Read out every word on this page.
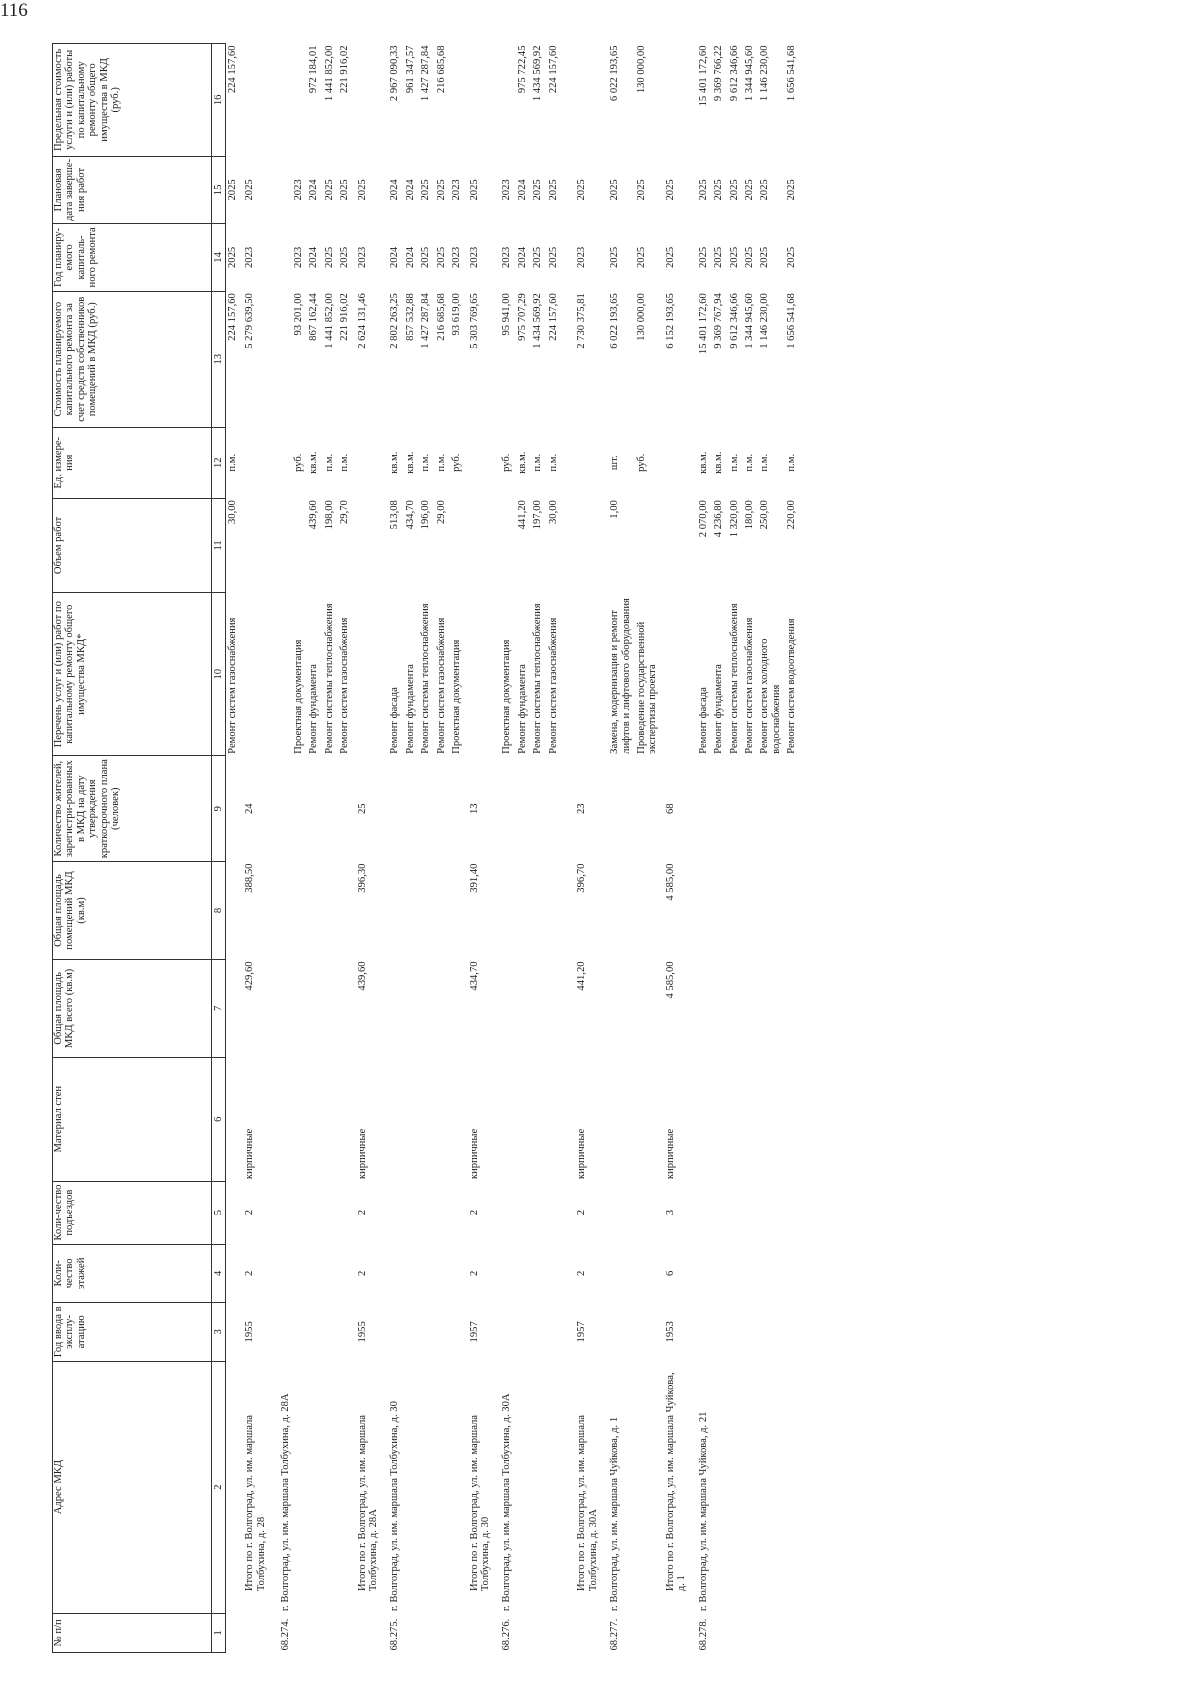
116
№ п/п	Адрес МКД	Год ввода в эксплу-атацию	Коли-чество этажей	Коли-чество подъездов	Материал стен	Общая площадь МКД всего (кв.м)	Общая площадь помещений МКД (кв.м)	Количество жителей, зарегистри-рованных в МКД на дату утверждения краткосрочного плана (человек)	Перечень услуг и (или) работ по капитальному ремонту общего имущества МКД*	Объем работ	Ед. измере-ния	Стоимость планируемого капитального ремонта за счет средств собственников помещений в МКД (руб.)	Год планиру-емого капиталь-ного ремонта	Плановая дата заверше-ния работ	Предельная стоимость услуги и (или) работы по капитальному ремонту общего имущества в МКД (руб.)
1	2	3	4	5	6	7	8	9	10	11	12	13	14	15	16
									Ремонт систем газоснабжения	30,00	п.м.	224 157,60	2025	2025	224 157,60
	Итого по г. Волгоград, ул. им. маршала Толбухина, д. 28	1955	2	2	кирпичные	429,60	388,50	24				5 279 639,50	2023	2025	
68.274.	г. Волгоград, ул. им. маршала Толбухина, д. 28А														
									Проектная документация		руб.	93 201,00	2023	2023	
									Ремонт фундамента	439,60	кв.м.	867 162,44	2024	2024	972 184,01
									Ремонт системы теплоснабжения	198,00	п.м.	1 441 852,00	2025	2025	1 441 852,00
									Ремонт систем газоснабжения	29,70	п.м.	221 916,02	2025	2025	221 916,02
	Итого по г. Волгоград, ул. им. маршала Толбухина, д. 28А	1955	2	2	кирпичные	439,60	396,30	25				2 624 131,46	2023	2025	
68.275.	г. Волгоград, ул. им. маршала Толбухина, д. 30								Ремонт фасада	513,08	кв.м.	2 802 263,25	2024	2024	2 967 090,33
									Ремонт фундамента	434,70	кв.м.	857 532,88	2024	2024	961 347,57
									Ремонт системы теплоснабжения	196,00	п.м.	1 427 287,84	2025	2025	1 427 287,84
									Ремонт систем газоснабжения	29,00	п.м.	216 685,68	2025	2025	216 685,68
									Проектная документация		руб.	93 619,00	2023	2023	
	Итого по г. Волгоград, ул. им. маршала Толбухина, д. 30	1957	2	2	кирпичные	434,70	391,40	13				5 303 769,65	2023	2025	
68.276.	г. Волгоград, ул. им. маршала Толбухина, д. 30А								Проектная документация		руб.	95 941,00	2023	2023	
									Ремонт фундамента	441,20	кв.м.	975 707,29	2024	2024	975 722,45
									Ремонт системы теплоснабжения	197,00	п.м.	1 434 569,92	2025	2025	1 434 569,92
									Ремонт систем газоснабжения	30,00	п.м.	224 157,60	2025	2025	224 157,60
	Итого по г. Волгоград, ул. им. маршала Толбухина, д. 30А	1957	2	2	кирпичные	441,20	396,70	23				2 730 375,81	2023	2025	
68.277.	г. Волгоград, ул. им. маршала Чуйкова, д. 1								Замена, модернизация и ремонт лифтов и лифтового оборудования	1,00	шт.	6 022 193,65	2025	2025	6 022 193,65
									Проведение государственной экспертизы проекта		руб.	130 000,00	2025	2025	130 000,00
	Итого по г. Волгоград, ул. им. маршала Чуйкова, д. 1	1953	6	3	кирпичные	4 585,00	4 585,00	68				6 152 193,65	2025	2025	
68.278.	г. Волгоград, ул. им. маршала Чуйкова, д. 21								Ремонт фасада	2 070,00	кв.м.	15 401 172,60	2025	2025	15 401 172,60
									Ремонт фундамента	4 236,80	кв.м.	9 369 767,94	2025	2025	9 369 766,22
									Ремонт системы теплоснабжения	1 320,00	п.м.	9 612 346,66	2025	2025	9 612 346,66
									Ремонт систем газоснабжения	180,00	п.м.	1 344 945,60	2025	2025	1 344 945,60
									Ремонт систем холодного водоснабжения	250,00	п.м.	1 146 230,00	2025	2025	1 146 230,00
									Ремонт систем водоотведения	220,00	п.м.	1 656 541,68	2025	2025	1 656 541,68
